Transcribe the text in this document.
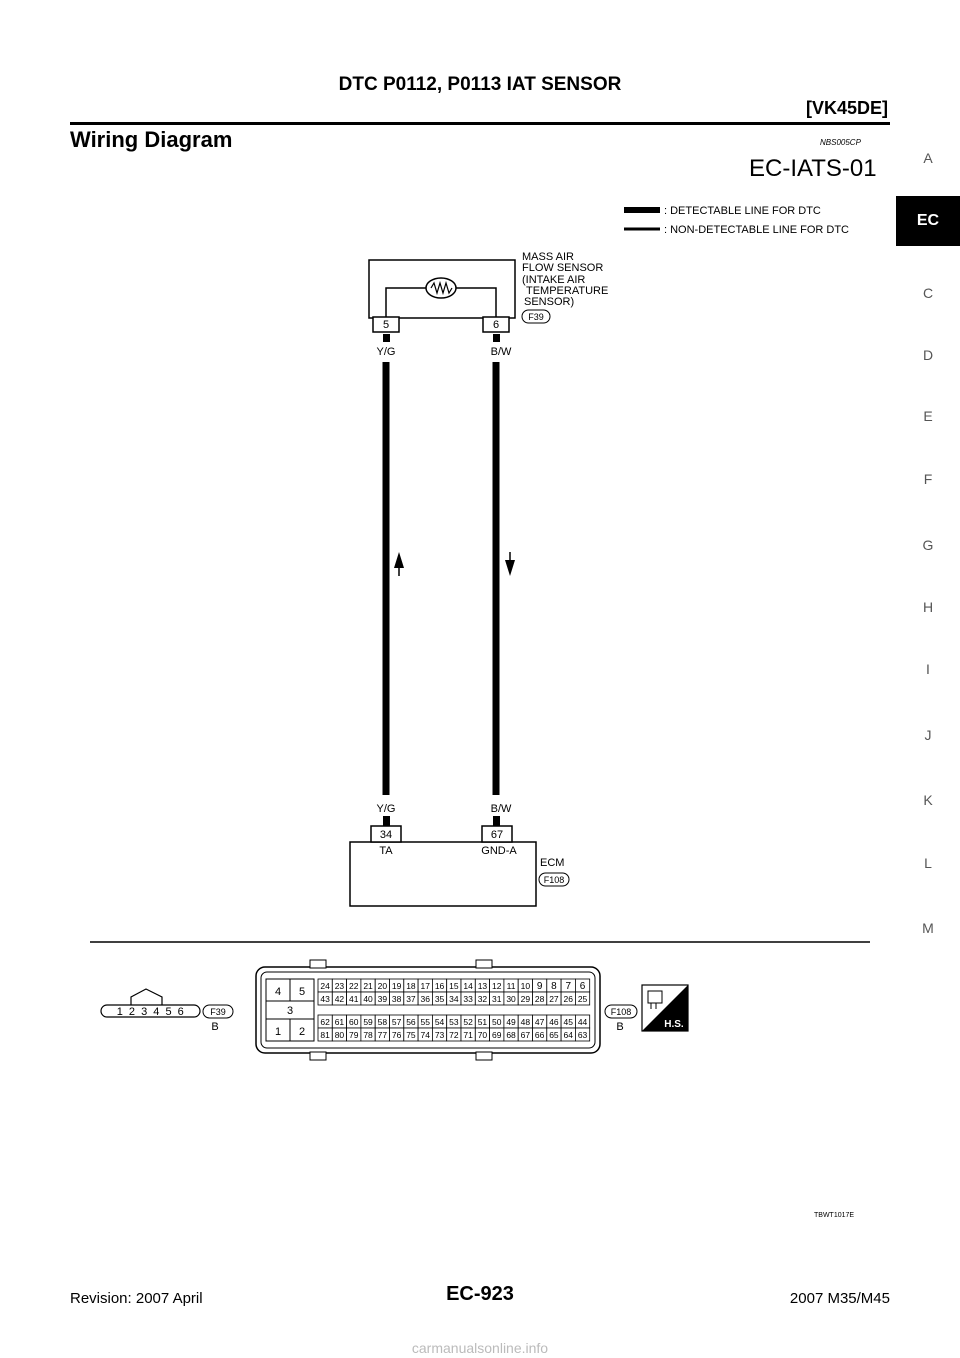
DTC P0112, P0113 IAT SENSOR
[VK45DE]
Wiring Diagram	NBS005CP
EC-IATS-01	A
EC
C
D
E
F
G
H
I
J
K
L
M
: DETECTABLE LINE FOR DTC
: NON-DETECTABLE LINE FOR DTC
5	6
MASS AIR FLOW SENSOR (INTAKE AIR TEMPERATURE SENSOR)
F39
Y/G	B/W
Y/G	B/W
34	67
TA	GND-A
ECM
F108
1 2 3 4 5 6	F39
B
4 5
3
1 2
24 23 22 21 20 19 18 17 16 15 14 13 12 11 10 9 8 7 6
43 42 41 40 39 38 37 36 35 34 33 32 31 30 29 28 27 26 25
62 61 60 59 58 57 56 55 54 53 52 51 50 49 48 47 46 45 44
81 80 79 78 77 76 75 74 73 72 71 70 69 68 67 66 65 64 63
F108
B	H.S.
TBWT1017E
Revision: 2007 April	EC-923	2007 M35/M45
carmanualsonline.info
